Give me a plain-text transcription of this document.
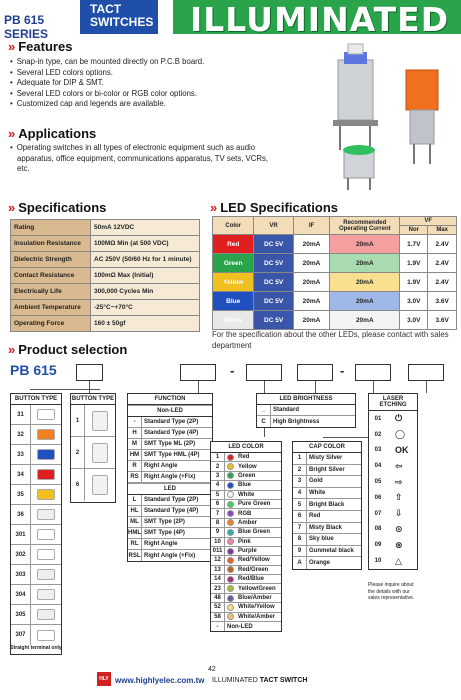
PB 615 SERIES
TACT
SWITCHES ILLUMINATED
» Features
• Snap-in type, can be mounted directly on P.C.B board.
• Several LED colors options.
• Adequate for DIP & SMT.
• Several LED colors or bi-color or RGB color options.
• Customized cap and legends are available.
» Applications
• Operating switches in all types of electronic equipment such as audio
apparatus, office equipment, communications apparatus, TV sets, VCRs,
etc.
» Specifications
Rating	50mA 12VDC
Insulation Resistance	100MΩ Min (at 500 VDC)
Dielectric Strength	AC 250V (50/60 Hz for 1 minute)
Contact Resistance	100mΩ Max (Initial)
Electrically Life	300,000 Cycles Min
Ambient Temperature	-25°C~+70°C
Operating Force	160 ± 50gf
» LED Specifications
Color	VR	IF	Recommended Operating Current	VF	
				Nor	Max
Red	DC 5V	20mA	20mA	1.7V	2.4V
Green	DC 5V	20mA	20mA	1.9V	2.4V
Yellow	DC 5V	20mA	20mA	1.9V	2.4V
Blue	DC 5V	20mA	20mA	3.0V	3.6V
White	DC 5V	20mA	20mA	3.0V	3.6V
For the specification about the other LEDs, please contact with sales department
» Product selection
PB 615	-	-
BUTTON TYPE
31
32
33
34
35
36
301
302
303
304
305
307
Straight terminal only
BUTTON TYPE
1
2
6
FUNCTION
Non-LED
-	Standard Type (2P)
H	Standard Type (4P)
M	SMT Type ML (2P)
HM SMT Type HML (4P)
R	Right Angle
RS Right Angle (+Fix)
LED
L	Standard Type (2P)
HL Standard Type (4P)
ML SMT Type (2P)
HML SMT Type (4P)
RL Right Angle
RSL Right Angle (+Fix)
LED BRIGHTNESS
_	Standard
C	High Brightness
LED COLOR
1	Red
2	Yellow
3	Green
4	Blue
5	White
6	Pure Green
7	RGB
8	Amber
9	Blue Green
10	Pink
011	Purple
12	Red/Yellow
13	Red/Green
14	Red/Blue
23	Yellow/Green
48	Blue/Amber
52	White/Yellow
58	White/Amber
-	Non-LED
CAP COLOR
1	Misty Silver
2	Bright Silver
3	Gold
4	White
5	Bright Black
6	Red
7	Misty Black
8	Sky blue
9	Gunmetal black
A	Orange
LASER ETCHING
01	⏻
02	◯
03	OK
04	⇦
05	⇨
06	⇧
07	⇩
08	⊙
09	⊗
10	△
Please inquire about the details with our sales representative.
HLY www.highlyelec.com.tw
42
ILLUMINATED TACT SWITCH
